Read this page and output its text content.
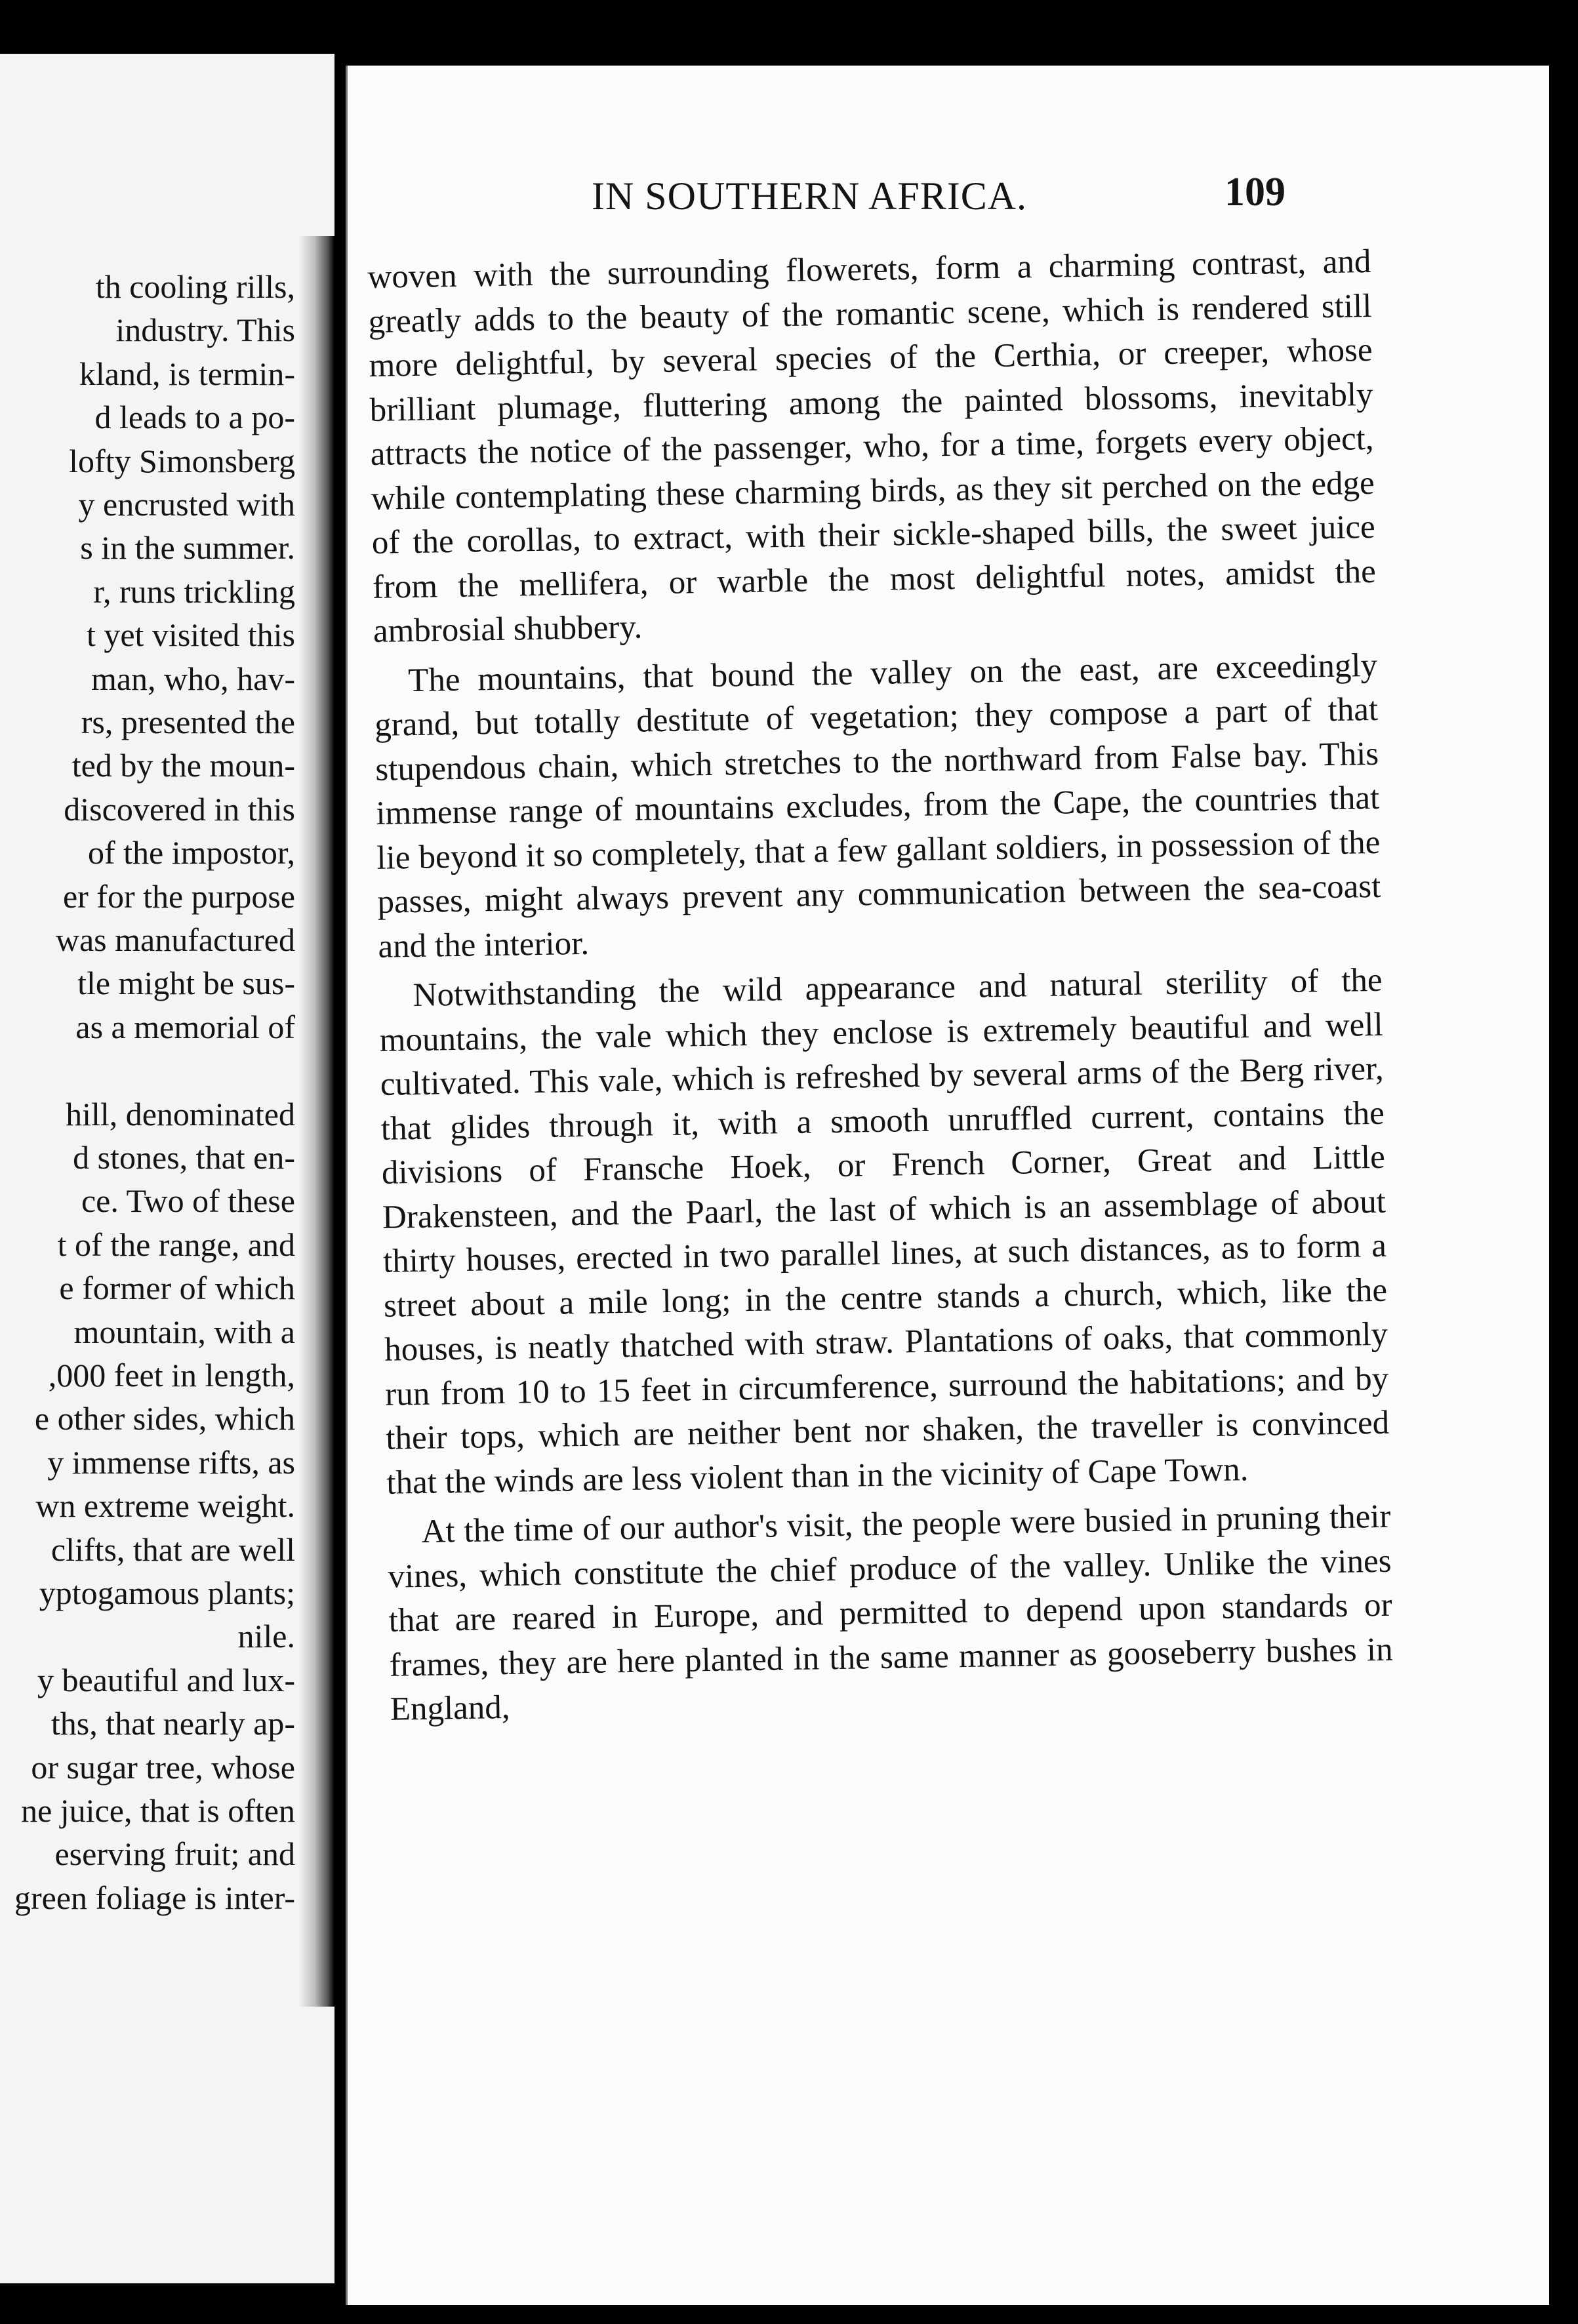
th cooling rills,
industry. This
kland, is termin-
d leads to a po-
lofty Simonsberg
y encrusted with
s in the summer.
r, runs trickling
t yet visited this
man, who, hav-
rs, presented the
ted by the moun-
discovered in this
of the impostor,
er for the purpose
was manufactured
tle might be sus-
as a memorial of
hill, denominated
d stones, that en-
ce. Two of these
t of the range, and
e former of which
mountain, with a
,000 feet in length,
e other sides, which
y immense rifts, as
wn extreme weight.
clifts, that are well
yptogamous plants;
nile.
y beautiful and lux-
ths, that nearly ap-
or sugar tree, whose
ne juice, that is often
eserving fruit; and
green foliage is inter-
IN SOUTHERN AFRICA.	109

woven with the surrounding flowerets, form a charming contrast, and greatly adds to the beauty of the romantic scene, which is rendered still more delightful, by several species of the Certhia, or creeper, whose brilliant plumage, fluttering among the painted blossoms, inevitably attracts the notice of the passenger, who, for a time, forgets every object, while contemplating these charming birds, as they sit perched on the edge of the corollas, to extract, with their sickle-shaped bills, the sweet juice from the mellifera, or warble the most delightful notes, amidst the ambrosial shubbery.

The mountains, that bound the valley on the east, are exceedingly grand, but totally destitute of vegetation; they compose a part of that stupendous chain, which stretches to the northward from False bay. This immense range of mountains excludes, from the Cape, the countries that lie beyond it so completely, that a few gallant soldiers, in possession of the passes, might always prevent any communication between the sea-coast and the interior.

Notwithstanding the wild appearance and natural sterility of the mountains, the vale which they enclose is extremely beautiful and well cultivated. This vale, which is refreshed by several arms of the Berg river, that glides through it, with a smooth unruffled current, contains the divisions of Fransche Hoek, or French Corner, Great and Little Drakensteen, and the Paarl, the last of which is an assemblage of about thirty houses, erected in two parallel lines, at such distances, as to form a street about a mile long; in the centre stands a church, which, like the houses, is neatly thatched with straw. Plantations of oaks, that commonly run from 10 to 15 feet in circumference, surround the habitations; and by their tops, which are neither bent nor shaken, the traveller is convinced that the winds are less violent than in the vicinity of Cape Town.

At the time of our author's visit, the people were busied in pruning their vines, which constitute the chief produce of the valley. Unlike the vines that are reared in Europe, and permitted to depend upon standards or frames, they are here planted in the same manner as gooseberry bushes in England,
